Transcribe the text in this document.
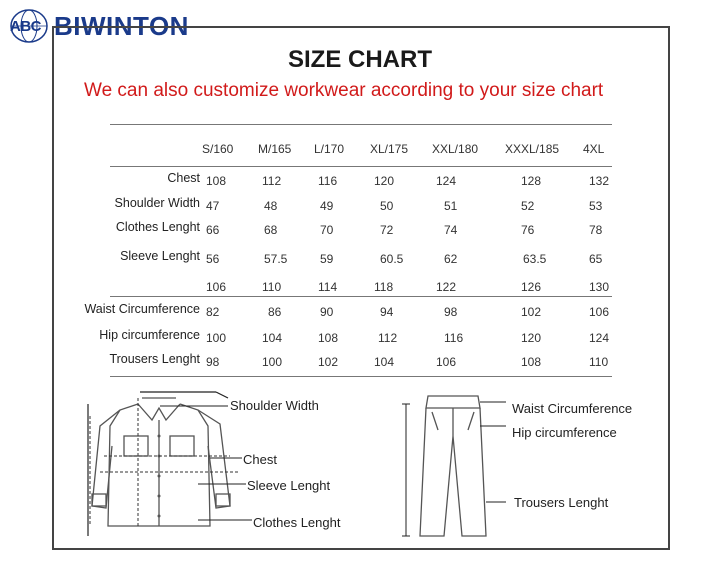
ABC BIWINTON
SIZE CHART
We can also customize workwear according to your size chart
S/160 M/165 L/170 XL/175 XXL/180 XXXL/185 4XL
Chest 108	112	116	120	124	128	132
Shoulder Width 47	48	49	50	51	52	53
Clothes Lenght 66	68	70	72	74	76	78
Sleeve Lenght 56	57.5	59	60.5	62	63.5	65
106	110	114	118	122	126	130
Waist Circumference 82	86	90	94	98	102	106
Hip circumference 100	104	108	112	116	120	124
Trousers Lenght 98	100	102	104	106	108	110
Shoulder Width
Chest
Sleeve Lenght
Clothes Lenght
Waist Circumference
Hip circumference
Trousers Lenght
